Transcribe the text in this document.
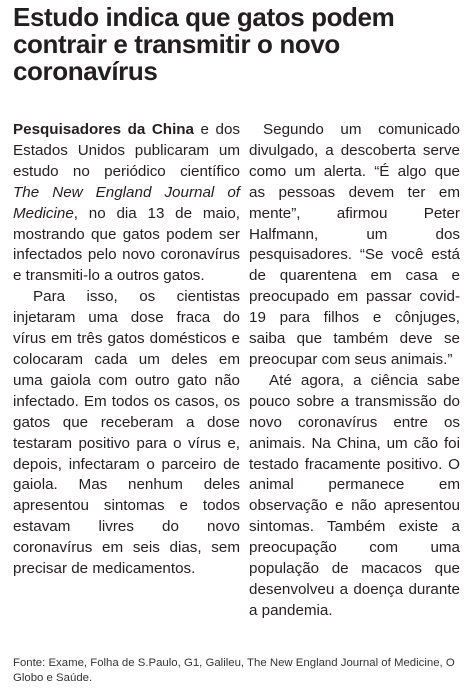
Estudo indica que gatos podem contrair e transmitir o novo coronavírus

Pesquisadores da China e dos Estados Unidos publicaram um estudo no periódico científico The New England Journal of Medicine, no dia 13 de maio, mostrando que gatos podem ser infectados pelo novo coronavírus e transmiti-lo a outros gatos.

Para isso, os cientistas injetaram uma dose fraca do vírus em três gatos domésticos e colocaram cada um deles em uma gaiola com outro gato não infectado. Em todos os casos, os gatos que receberam a dose testaram positivo para o vírus e, depois, infectaram o parceiro de gaiola. Mas nenhum deles apresentou sintomas e todos estavam livres do novo coronavírus em seis dias, sem precisar de medicamentos.

Segundo um comunicado divulgado, a descoberta serve como um alerta. “É algo que as pessoas devem ter em mente”, afirmou Peter Halfmann, um dos pesquisadores. “Se você está de quarentena em casa e preocupado em passar covid-19 para filhos e cônjuges, saiba que também deve se preocupar com seus animais.”

Até agora, a ciência sabe pouco sobre a transmissão do novo coronavírus entre os animais. Na China, um cão foi testado fracamente positivo. O animal permanece em observação e não apresentou sintomas. Também existe a preocupação com uma população de macacos que desenvolveu a doença durante a pandemia.

Fonte: Exame, Folha de S.Paulo, G1, Galileu, The New England Journal of Medicine, O Globo e Saúde.
